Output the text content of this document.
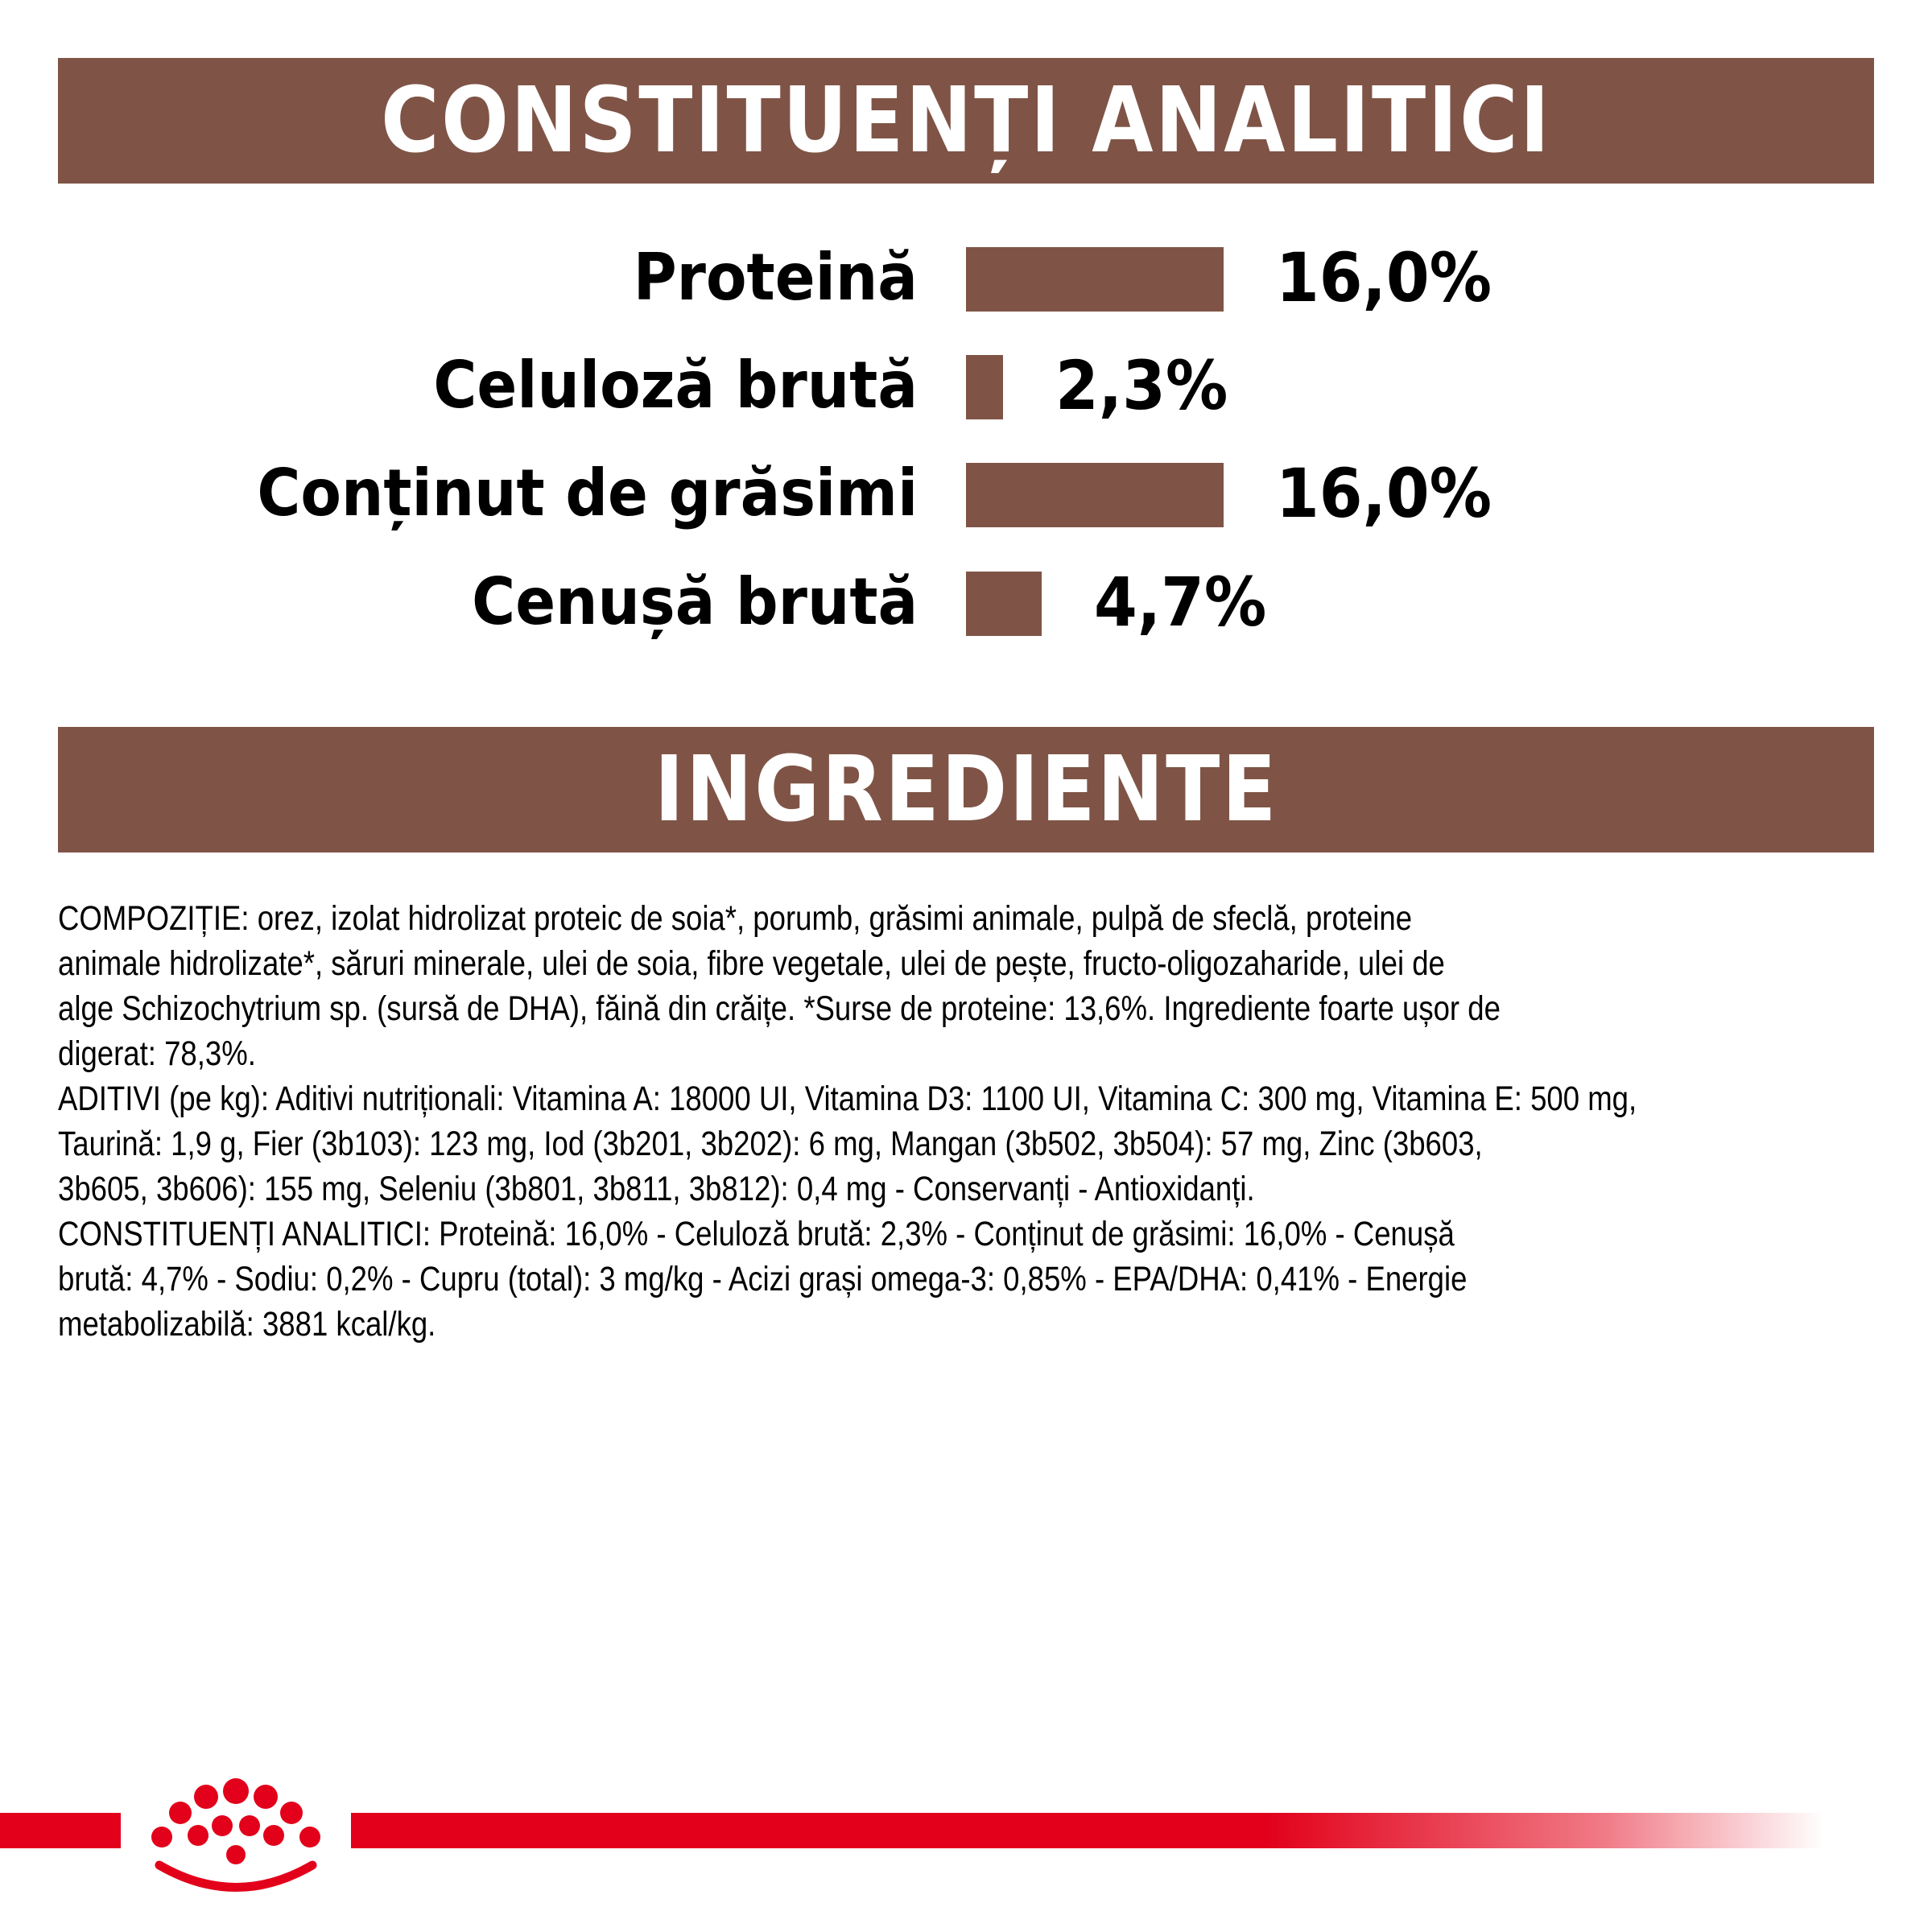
CONSTITUENȚI ANALITICI
Proteină	16,0%
Celuloză brută 2,3%
Conținut de grăsimi	16,0%
Cenușă brută	4,7%
INGREDIENTE

COMPOZIȚIE: orez, izolat hidrolizat proteic de soia*, porumb, grăsimi animale, pulpă de sfeclă, proteine

animale hidrolizate*, săruri minerale, ulei de soia, fibre vegetale, ulei de pește, fructo-oligozaharide, ulei de

alge Schizochytrium sp. (sursă de DHA), făină din crăițe. *Surse de proteine: 13,6%. Ingrediente foarte ușor de

digerat: 78,3%.

ADITIVI (pe kg): Aditivi nutriționali: Vitamina A: 18000 UI, Vitamina D3: 1100 UI, Vitamina C: 300 mg, Vitamina E: 500 mg,

Taurină: 1,9 g, Fier (3b103): 123 mg, Iod (3b201, 3b202): 6 mg, Mangan (3b502, 3b504): 57 mg, Zinc (3b603,

3b605, 3b606): 155 mg, Seleniu (3b801, 3b811, 3b812): 0,4 mg - Conservanți - Antioxidanți.

CONSTITUENȚI ANALITICI: Proteină: 16,0% - Celuloză brută: 2,3% - Conținut de grăsimi: 16,0% - Cenușă

brută: 4,7% - Sodiu: 0,2% - Cupru (total): 3 mg/kg - Acizi grași omega-3: 0,85% - EPA/DHA: 0,41% - Energie

metabolizabilă: 3881 kcal/kg.
